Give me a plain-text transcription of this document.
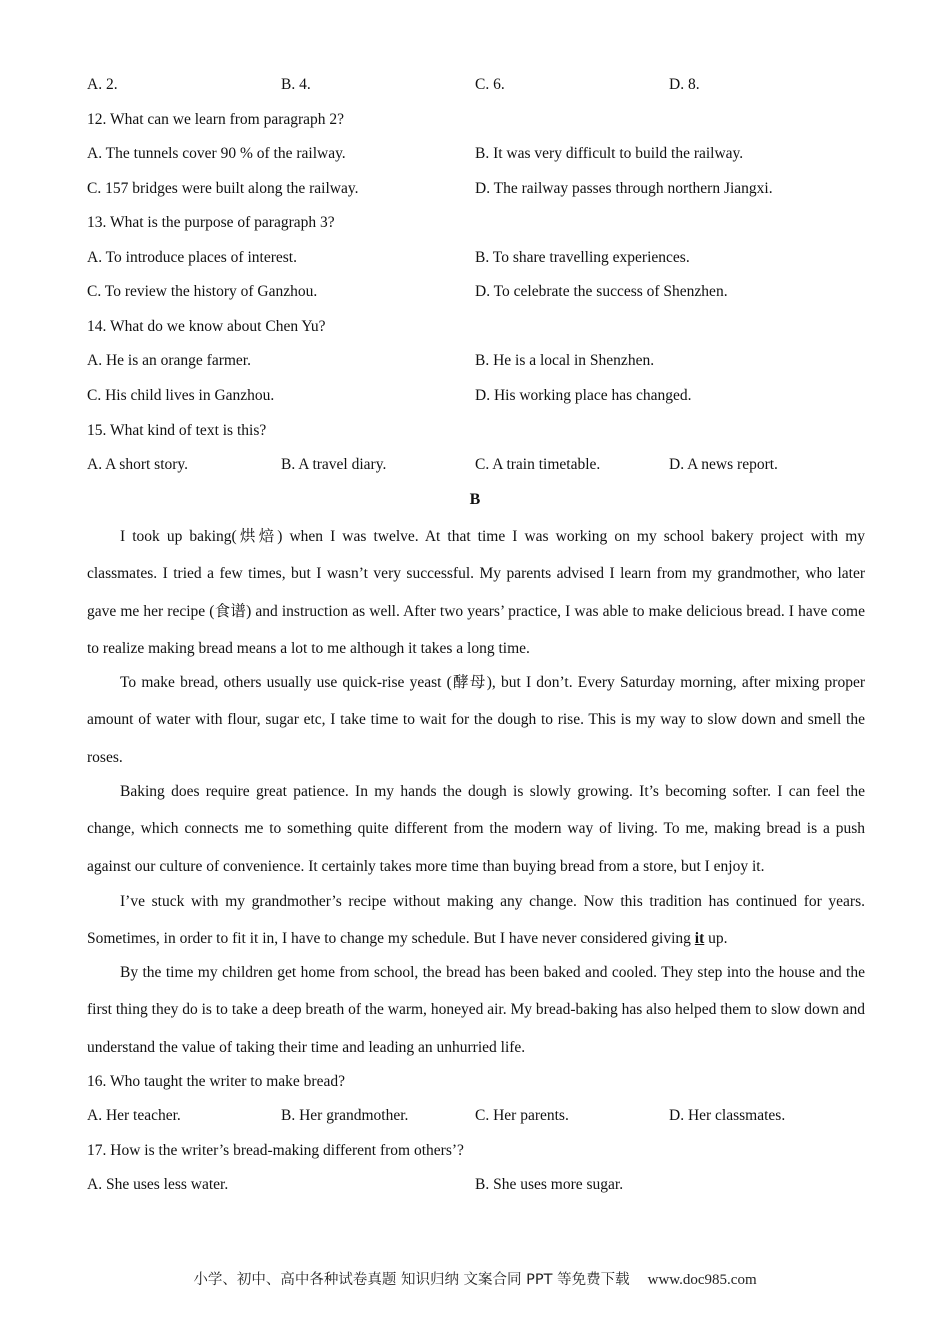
A. 2.	B. 4.	C. 6.	D. 8.
12. What can we learn from paragraph 2?
A. The tunnels cover 90 % of the railway.	B. It was very difficult to build the railway.
C. 157 bridges were built along the railway.	D. The railway passes through northern Jiangxi.
13. What is the purpose of paragraph 3?
A. To introduce places of interest.	B. To share travelling experiences.
C. To review the history of Ganzhou.	D. To celebrate the success of Shenzhen.
14. What do we know about Chen Yu?
A. He is an orange farmer.	B. He is a local in Shenzhen.
C. His child lives in Ganzhou.	D. His working place has changed.
15. What kind of text is this?
A. A short story.	B. A travel diary.	C. A train timetable.	D. A news report.
B
I took up baking(烘焙) when I was twelve. At that time I was working on my school bakery project with my classmates. I tried a few times, but I wasn’t very successful. My parents advised I learn from my grandmother, who later gave me her recipe (食谱) and instruction as well. After two years’ practice, I was able to make delicious bread. I have come to realize making bread means a lot to me although it takes a long time.
To make bread, others usually use quick-rise yeast (酵母), but I don’t. Every Saturday morning, after mixing proper amount of water with flour, sugar etc, I take time to wait for the dough to rise. This is my way to slow down and smell the roses.
Baking does require great patience. In my hands the dough is slowly growing. It’s becoming softer. I can feel the change, which connects me to something quite different from the modern way of living. To me, making bread is a push against our culture of convenience. It certainly takes more time than buying bread from a store, but I enjoy it.
I’ve stuck with my grandmother’s recipe without making any change. Now this tradition has continued for years. Sometimes, in order to fit it in, I have to change my schedule. But I have never considered giving it up.
By the time my children get home from school, the bread has been baked and cooled. They step into the house and the first thing they do is to take a deep breath of the warm, honeyed air. My bread-baking has also helped them to slow down and understand the value of taking their time and leading an unhurried life.
16. Who taught the writer to make bread?
A. Her teacher.	B. Her grandmother.	C. Her parents.	D. Her classmates.
17. How is the writer’s bread-making different from others’?
A. She uses less water.	B. She uses more sugar.
小学、初中、高中各种试卷真题 知识归纳 文案合同 PPT 等免费下载 www.doc985.com
